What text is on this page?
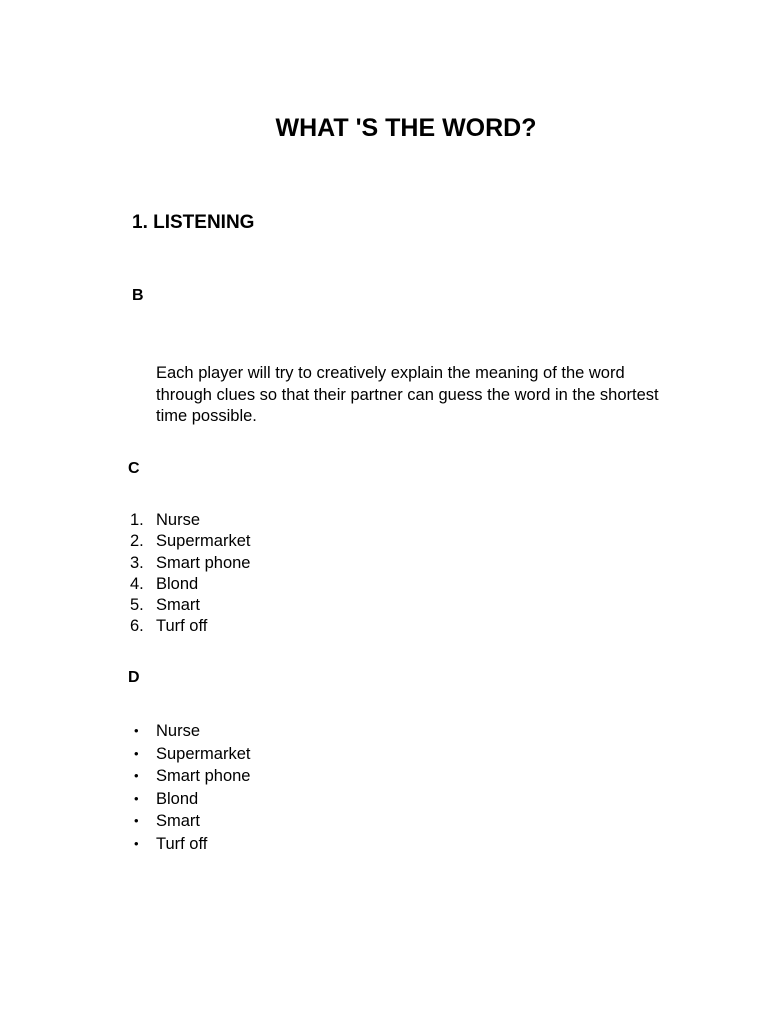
WHAT 'S THE WORD?
1. LISTENING
B

Each player will try to creatively explain the meaning of the word through clues so that their partner can guess the word in the shortest time possible.

C
1. Nurse
2. Supermarket
3. Smart phone
4. Blond
5. Smart
6. Turf off
D
•	Nurse
•	Supermarket
•	Smart phone
•	Blond
•	Smart
•	Turf off
